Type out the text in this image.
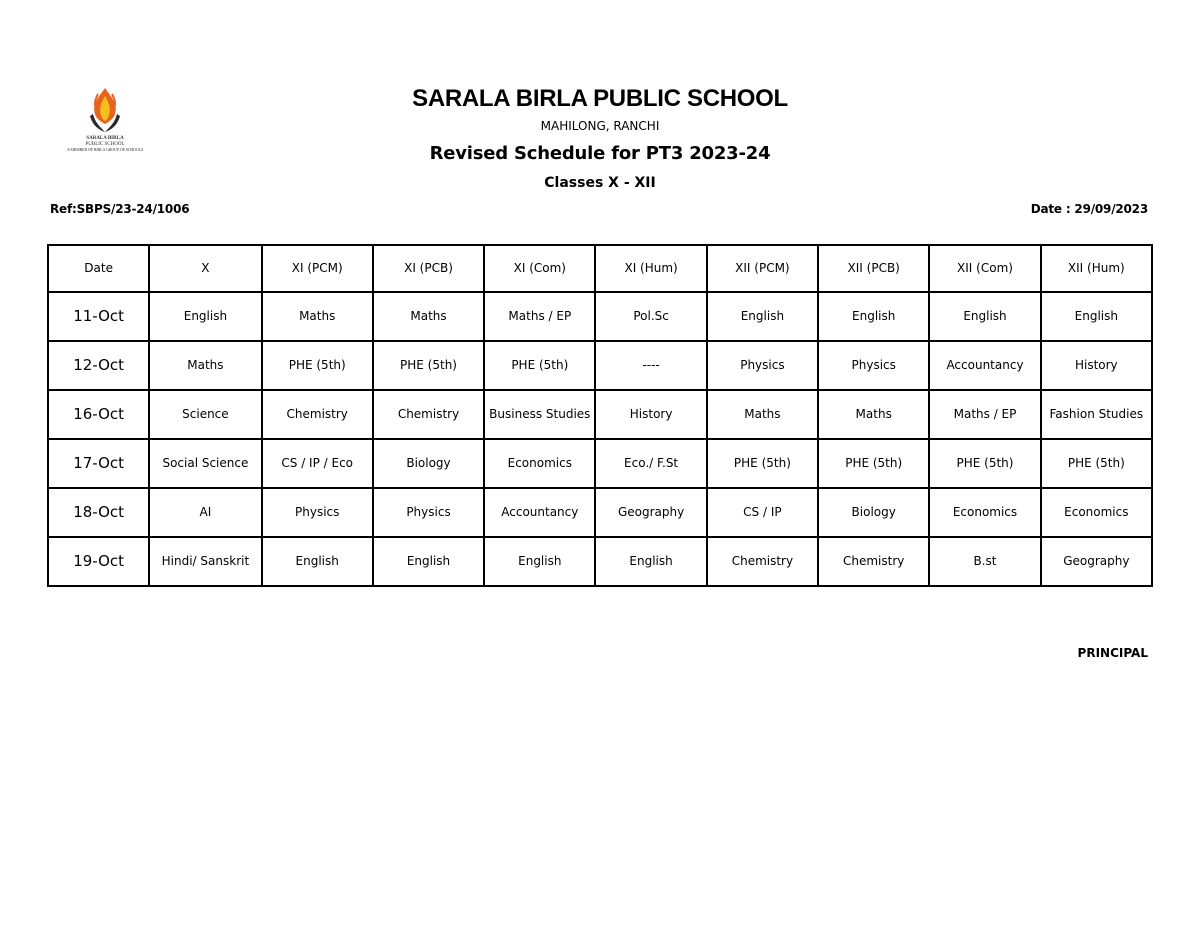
SARALA BIRLA
PUBLIC SCHOOL
A MEMBER OF BIRLA GROUP OF SCHOOLS
SARALA BIRLA PUBLIC SCHOOL
MAHILONG, RANCHI
Revised Schedule for PT3 2023-24
Classes X - XII
Ref:SBPS/23-24/1006	Date : 29/09/2023
Date	X	XI (PCM)	XI (PCB)	XI (Com)	XI (Hum)	XII (PCM)	XII (PCB)	XII (Com)	XII (Hum)
11-Oct	English	Maths	Maths	Maths / EP	Pol.Sc	English	English	English	English
12-Oct	Maths	PHE (5th)	PHE (5th)	PHE (5th)	----	Physics	Physics	Accountancy	History
16-Oct	Science	Chemistry	Chemistry	Business Studies	History	Maths	Maths	Maths / EP	Fashion Studies
17-Oct	Social Science	CS / IP / Eco	Biology	Economics	Eco./ F.St	PHE (5th)	PHE (5th)	PHE (5th)	PHE (5th)
18-Oct	AI	Physics	Physics	Accountancy	Geography	CS / IP	Biology	Economics	Economics
19-Oct	Hindi/ Sanskrit	English	English	English	English	Chemistry	Chemistry	B.st	Geography
PRINCIPAL
